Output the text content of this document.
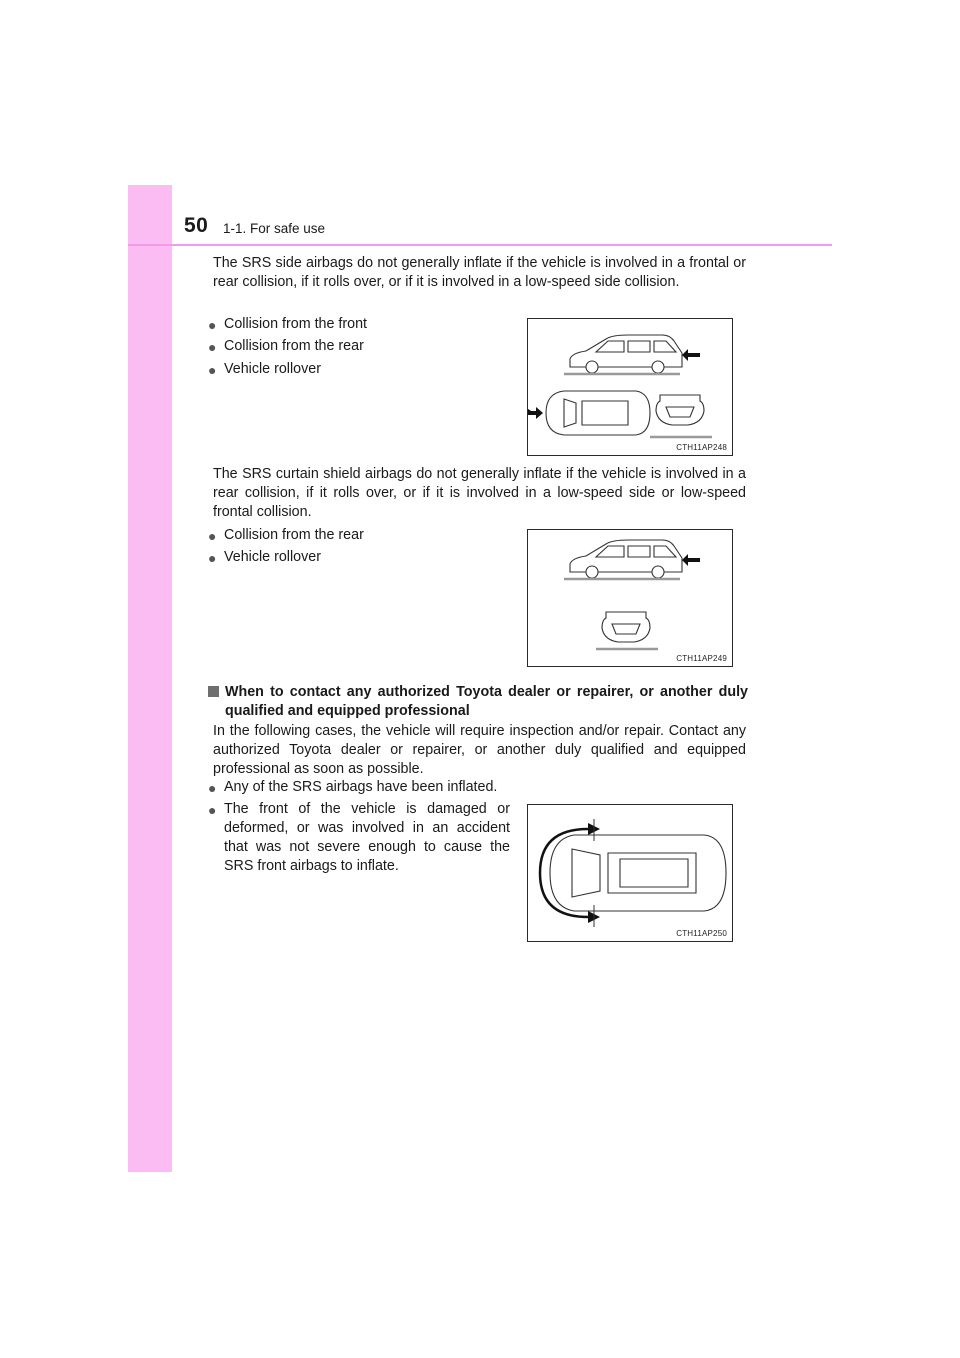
50 1-1. For safe use

The SRS side airbags do not generally inflate if the vehicle is involved in a frontal or rear collision, if it rolls over, or if it is involved in a low-speed side collision.

● Collision from the front
● Collision from the rear
● Vehicle rollover
CTH11AP248

The SRS curtain shield airbags do not generally inflate if the vehicle is involved in a rear collision, if it rolls over, or if it is involved in a low-speed side or low-speed frontal collision.

● Collision from the rear
● Vehicle rollover
CTH11AP249
When to contact any authorized Toyota dealer or repairer, or another duly qualified and equipped professional

In the following cases, the vehicle will require inspection and/or repair. Contact any authorized Toyota dealer or repairer, or another duly qualified and equipped professional as soon as possible.

● Any of the SRS airbags have been inflated.
● The front of the vehicle is damaged or deformed, or was involved in an accident that was not severe enough to cause the SRS front airbags to inflate.
CTH11AP250
